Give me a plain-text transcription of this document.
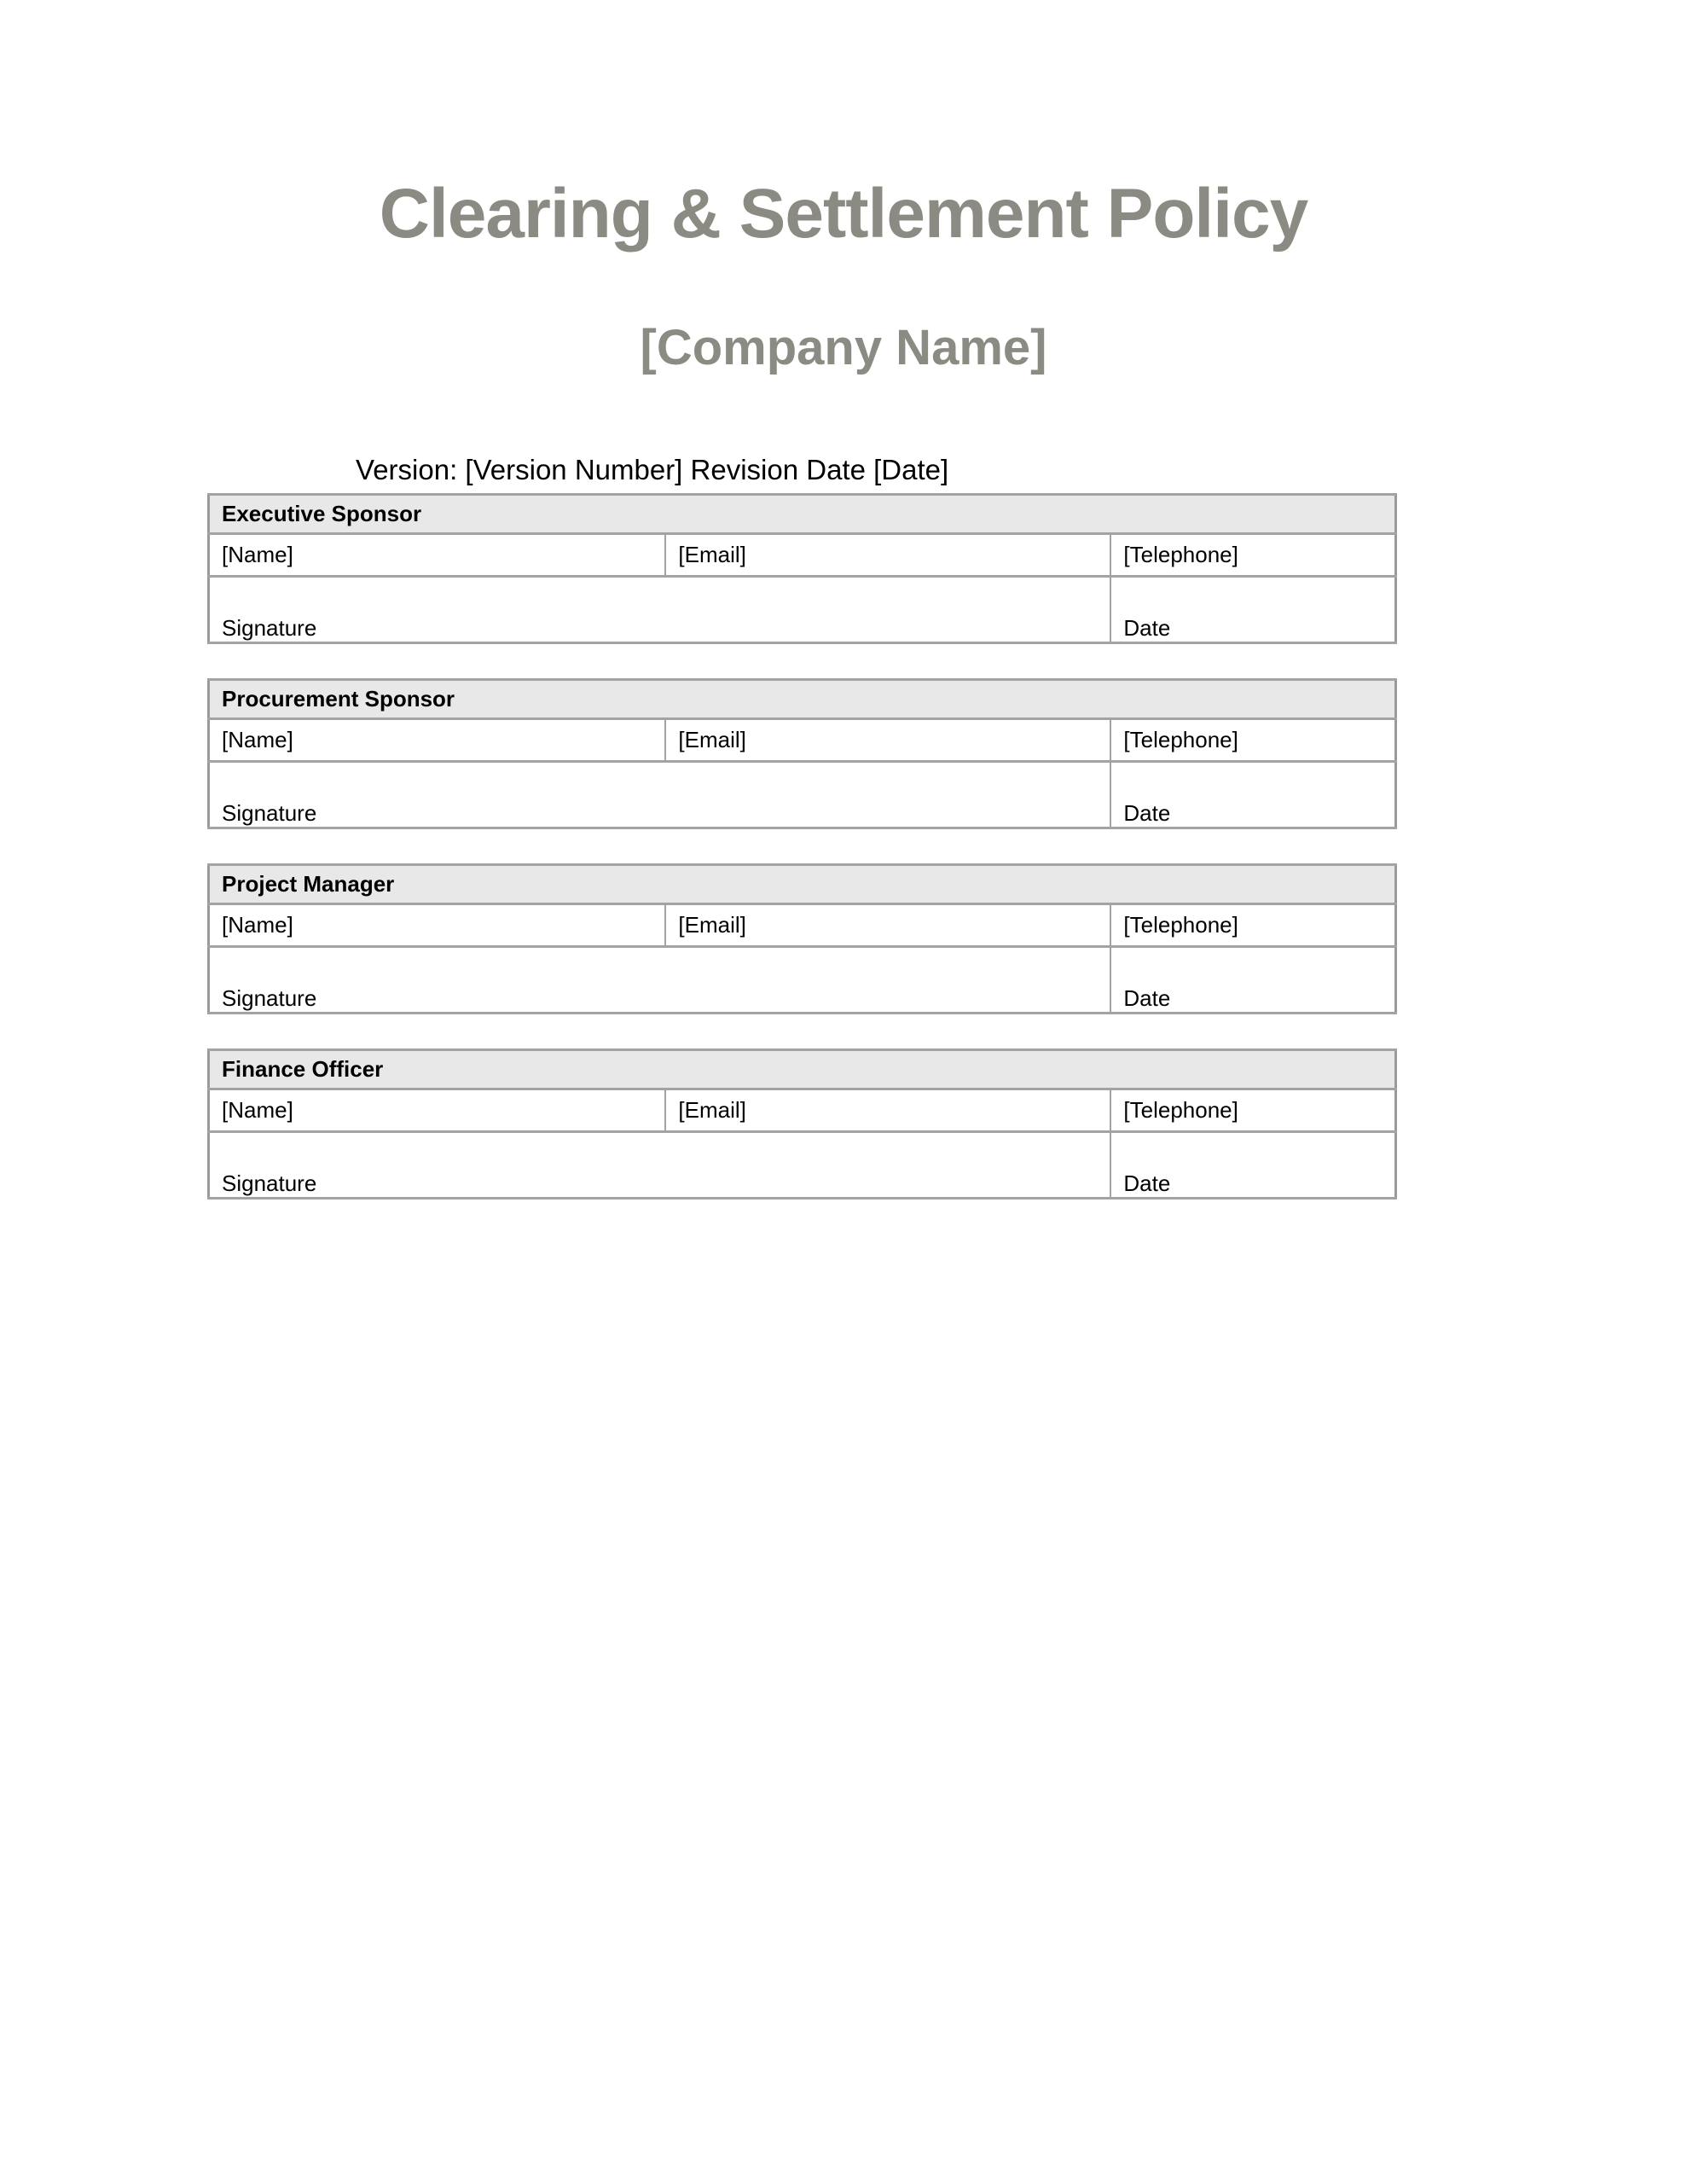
Clearing & Settlement Policy
[Company Name]

Version: [Version Number] Revision Date [Date]

Executive Sponsor		
[Name]	[Email]	[Telephone]
Signature		Date
Procurement Sponsor		
[Name]	[Email]	[Telephone]
Signature		Date
Project Manager		
[Name]	[Email]	[Telephone]
Signature		Date
Finance Officer		
[Name]	[Email]	[Telephone]
Signature		Date
